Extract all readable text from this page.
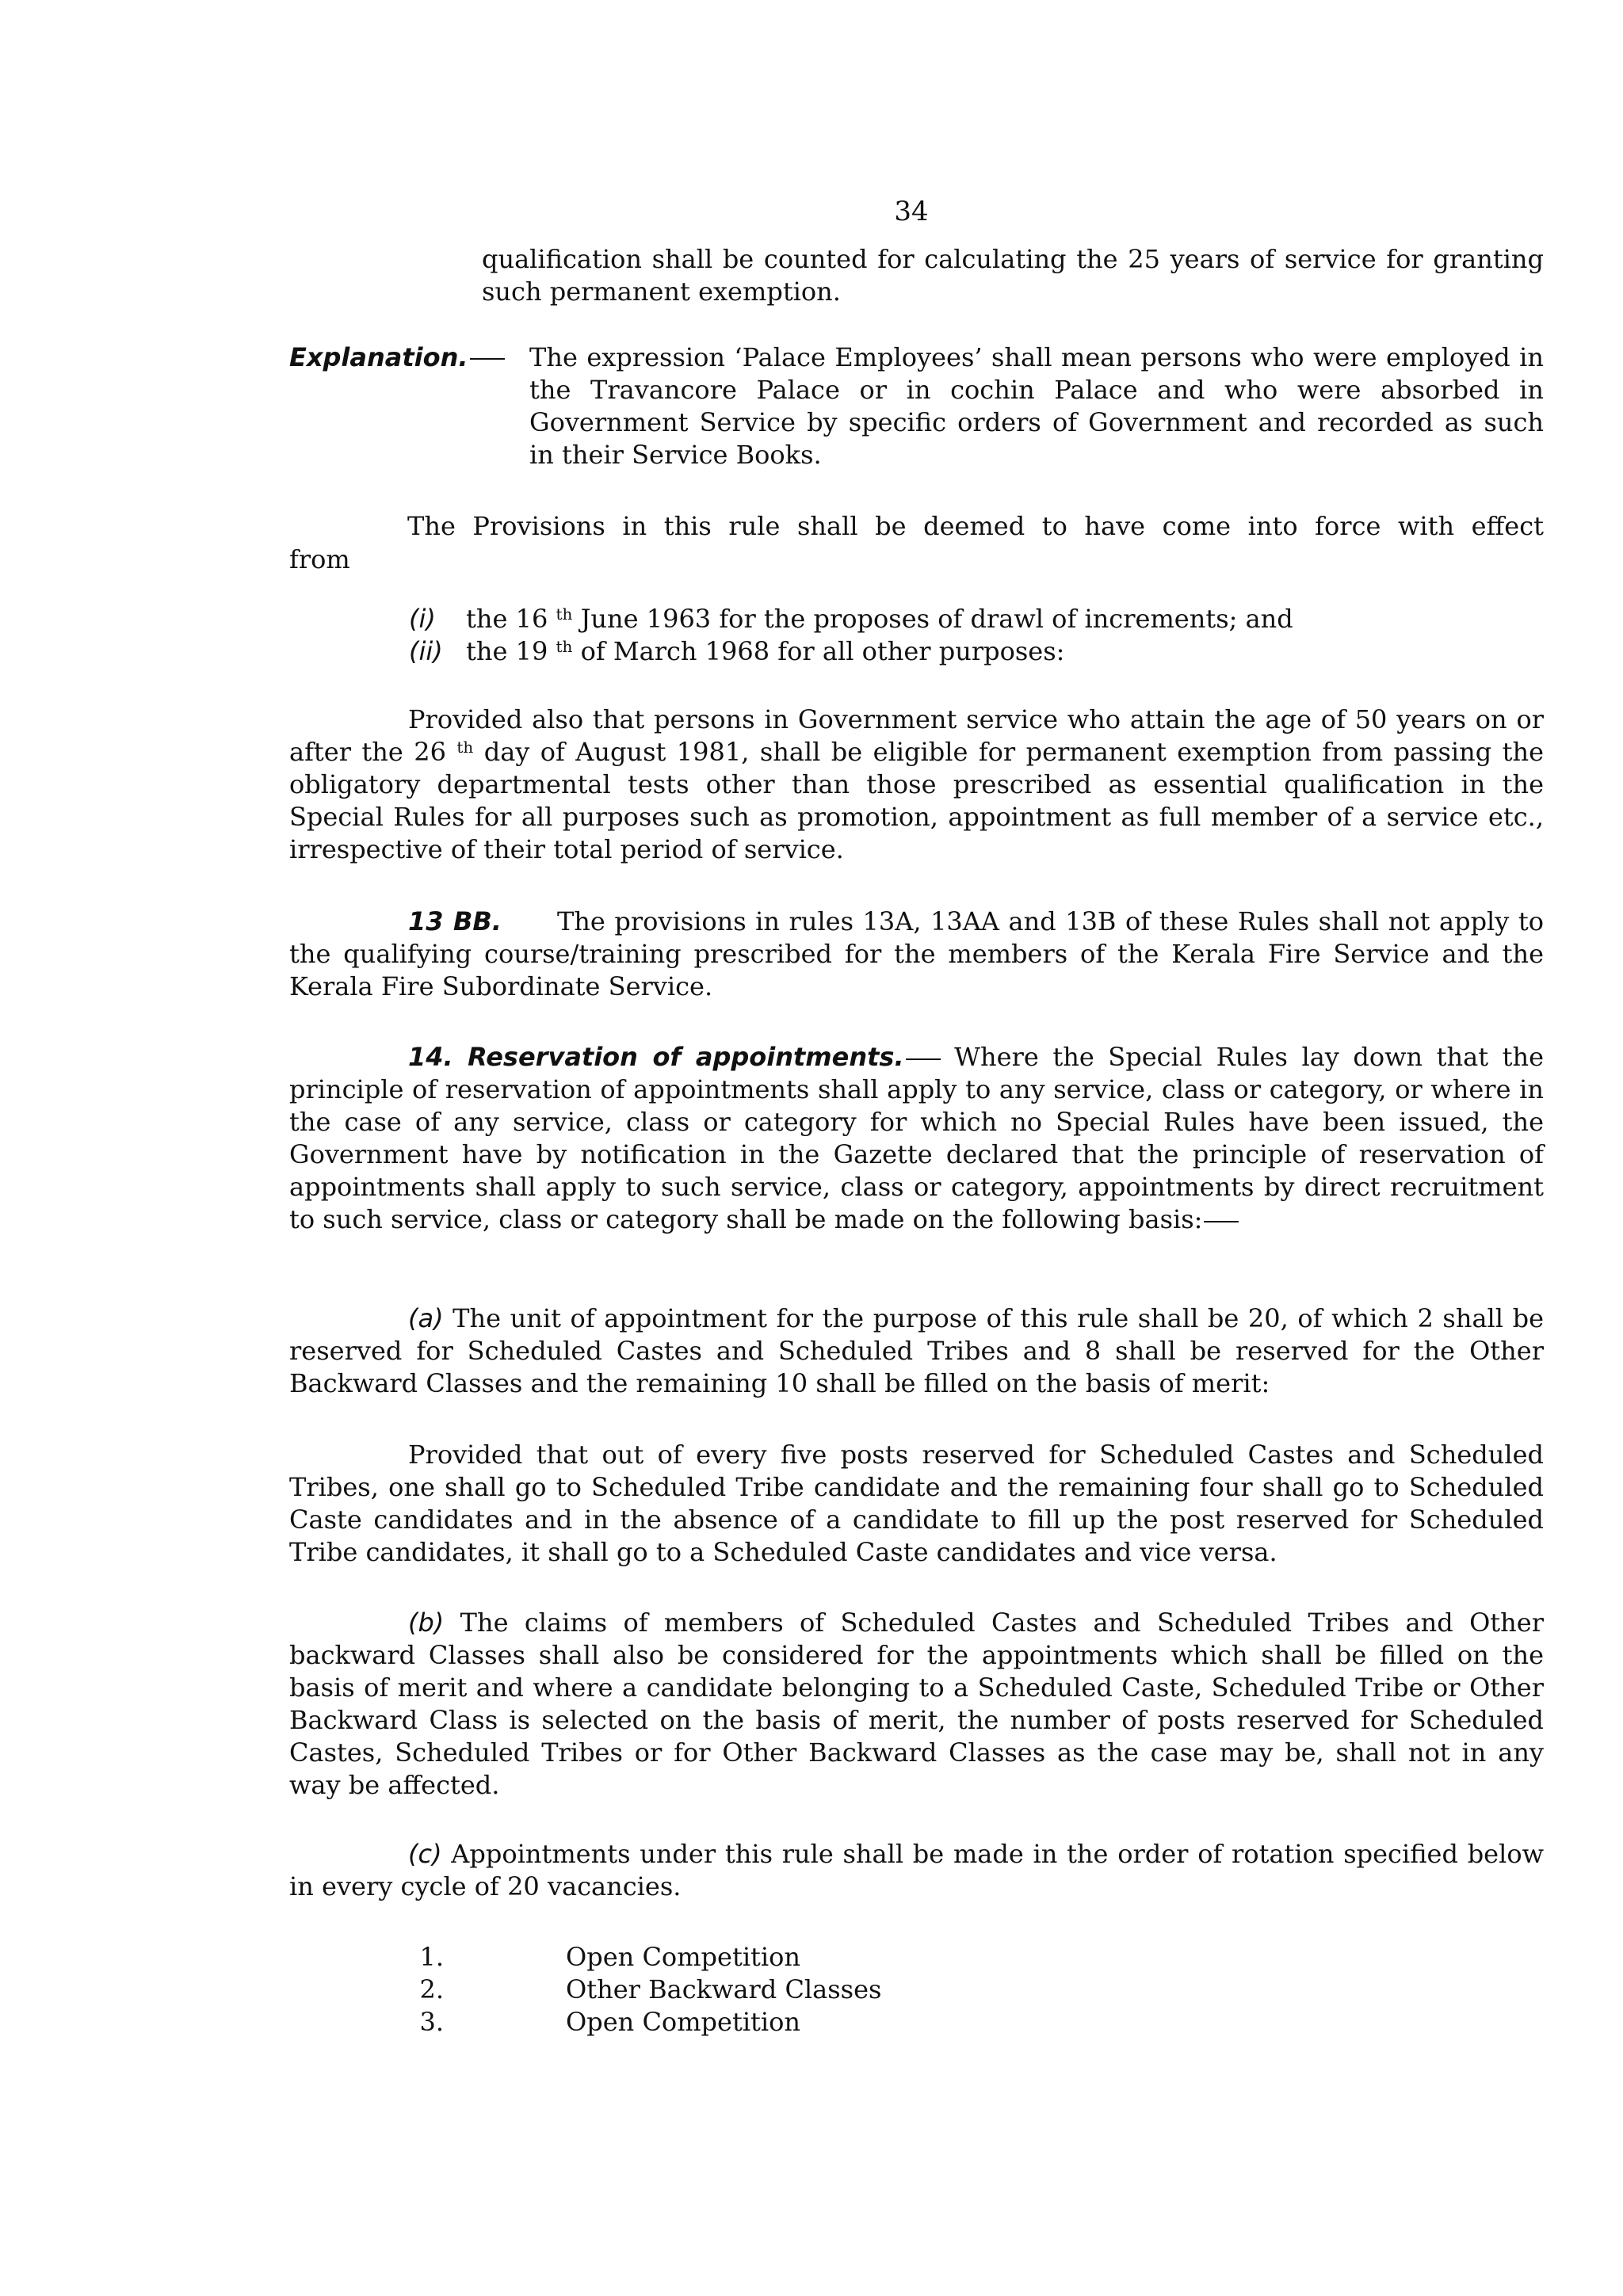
34
qualification shall be counted for calculating the 25 years of service for granting such permanent exemption.
Explanation.	The expression ‘Palace Employees’ shall mean persons who were employed in the Travancore Palace or in cochin Palace and who were absorbed in Government Service by specific orders of Government and recorded as such in their Service Books.
The Provisions in this rule shall be deemed to have come into force with effect
from
(i) the 16 $^{th}$ June 1963 for the proposes of drawl of increments; and
(ii) the 19 $^{th}$ of March 1968 for all other purposes:
Provided also that persons in Government service who attain the age of 50 years on or after the 26 $^{th}$ day of August 1981, shall be eligible for permanent exemption from passing the obligatory departmental tests other than those prescribed as essential qualification in the Special Rules for all purposes such as promotion, appointment as full member of a service etc., irrespective of their total period of service.
13 BB. The provisions in rules 13A, 13AA and 13B of these Rules shall not apply to the qualifying course/training prescribed for the members of the Kerala Fire Service and the Kerala Fire Subordinate Service.
14. Reservation of appointments. Where the Special Rules lay down that the principle of reservation of appointments shall apply to any service, class or category, or where in the case of any service, class or category for which no Special Rules have been issued, the Government have by notification in the Gazette declared that the principle of reservation of appointments shall apply to such service, class or category, appointments by direct recruitment to such service, class or category shall be made on the following basis:
(a) The unit of appointment for the purpose of this rule shall be 20, of which 2 shall be reserved for Scheduled Castes and Scheduled Tribes and 8 shall be reserved for the Other Backward Classes and the remaining 10 shall be filled on the basis of merit:
Provided that out of every five posts reserved for Scheduled Castes and Scheduled Tribes, one shall go to Scheduled Tribe candidate and the remaining four shall go to Scheduled Caste candidates and in the absence of a candidate to fill up the post reserved for Scheduled Tribe candidates, it shall go to a Scheduled Caste candidates and vice versa.
(b) The claims of members of Scheduled Castes and Scheduled Tribes and Other backward Classes shall also be considered for the appointments which shall be filled on the basis of merit and where a candidate belonging to a Scheduled Caste, Scheduled Tribe or Other Backward Class is selected on the basis of merit, the number of posts reserved for Scheduled Castes, Scheduled Tribes or for Other Backward Classes as the case may be, shall not in any way be affected.
(c) Appointments under this rule shall be made in the order of rotation specified below in every cycle of 20 vacancies.
1.	Open Competition
2.	Other Backward Classes
3.	Open Competition
